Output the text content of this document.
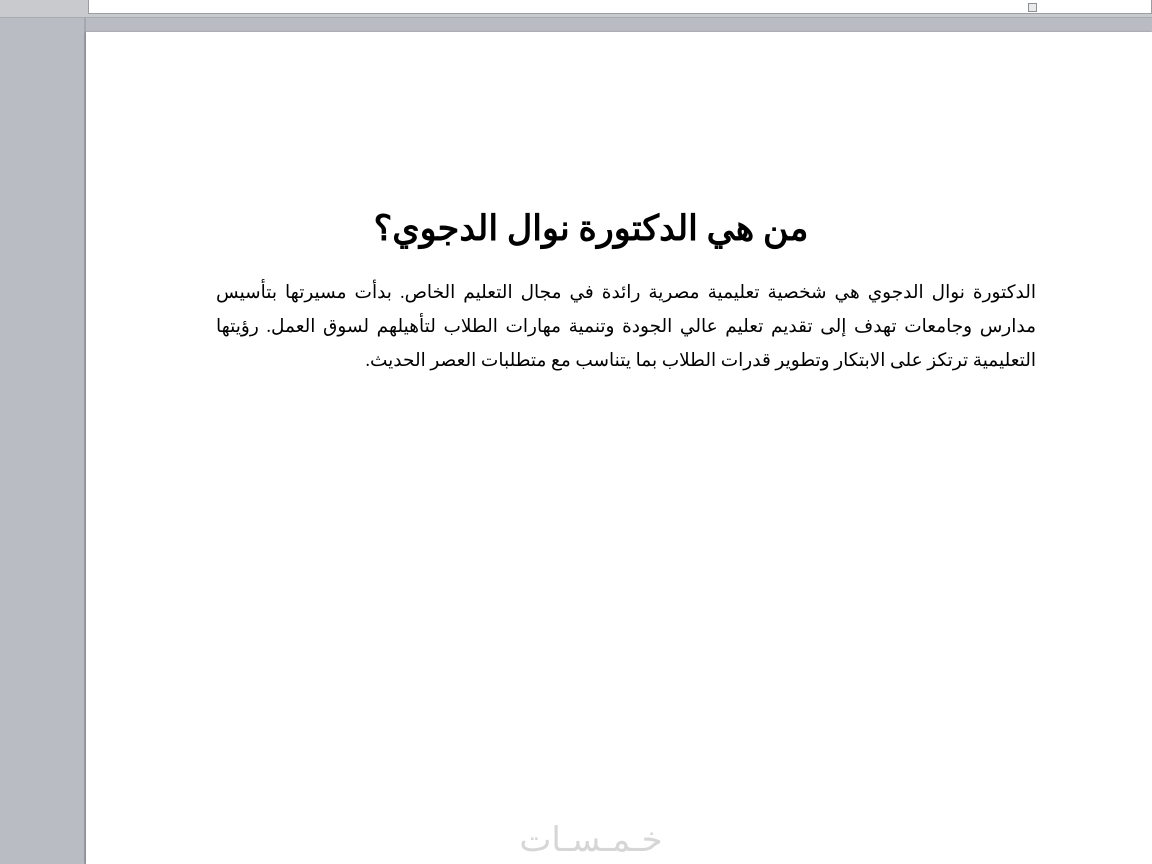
من هي الدكتورة نوال الدجوي؟

الدكتورة نوال الدجوي هي شخصية تعليمية مصرية رائدة في مجال التعليم الخاص. بدأت مسيرتها بتأسيس مدارس وجامعات تهدف إلى تقديم تعليم عالي الجودة وتنمية مهارات الطلاب لتأهيلهم لسوق العمل. رؤيتها التعليمية ترتكز على الابتكار وتطوير قدرات الطلاب بما يتناسب مع متطلبات العصر الحديث.

خـمـسـات
